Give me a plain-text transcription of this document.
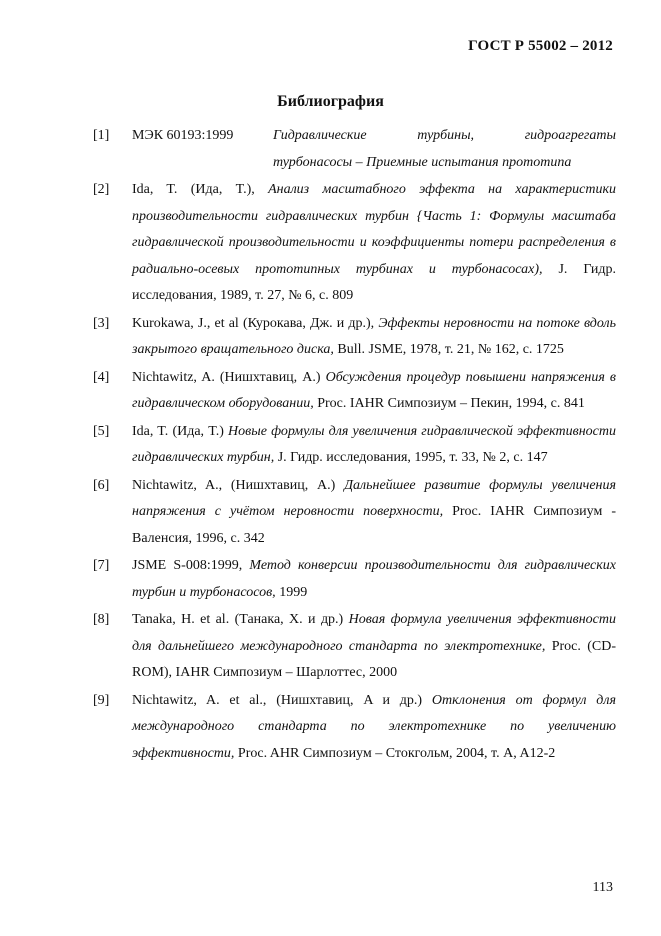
ГОСТ Р 55002 – 2012
Библиография
[1] МЭК 60193:1999	Гидравлические турбины, гидроагрегаты
турбонасосы – Приемные испытания прототипа
[2] Ida, T. (Ида, T.), Анализ масштабного эффекта на характеристики производительности гидравлических турбин {Часть 1: Формулы масштаба гидравлической производительности и коэффициенты потери распределения в радиально-осевых прототипных турбинах и турбонасосах), J. Гидр. исследования, 1989, т. 27, № 6, с. 809
[3] Kurokawa, J., et al (Курокава, Дж. и др.), Эффекты неровности на потоке вдоль закрытого вращательного диска, Bull. JSME, 1978, т. 21, № 162, с. 1725
[4] Nichtawitz, A. (Нишхтавиц, A.) Обсуждения процедур повышени напряжения в гидравлическом оборудовании, Proc. IAHR Симпозиум – Пекин, 1994, с. 841
[5] Ida, T. (Ида, T.) Новые формулы для увеличения гидравлической эффективности гидравлических турбин, J. Гидр. исследования, 1995, т. 33, № 2, с. 147
[6] Nichtawitz, A., (Нишхтавиц, A.) Дальнейшее развитие формулы увеличения напряжения с учётом неровности поверхности, Proc. IAHR Симпозиум - Валенсия, 1996, с. 342
[7] JSME S-008:1999, Метод конверсии производительности для гидравлических турбин и турбонасосов, 1999
[8] Tanaka, H. et al. (Танака, X. и др.) Новая формула увеличения эффективности для дальнейшего международного стандарта по электротехнике, Proc. (CD-ROM), IAHR Симпозиум – Шарлоттес, 2000
[9] Nichtawitz, A. et al., (Нишхтавиц, A и др.) Отклонения от формул для международного стандарта по электротехнике по увеличению эффективности, Proc. AHR Симпозиум – Стокгольм, 2004, т. A, A12-2
113
